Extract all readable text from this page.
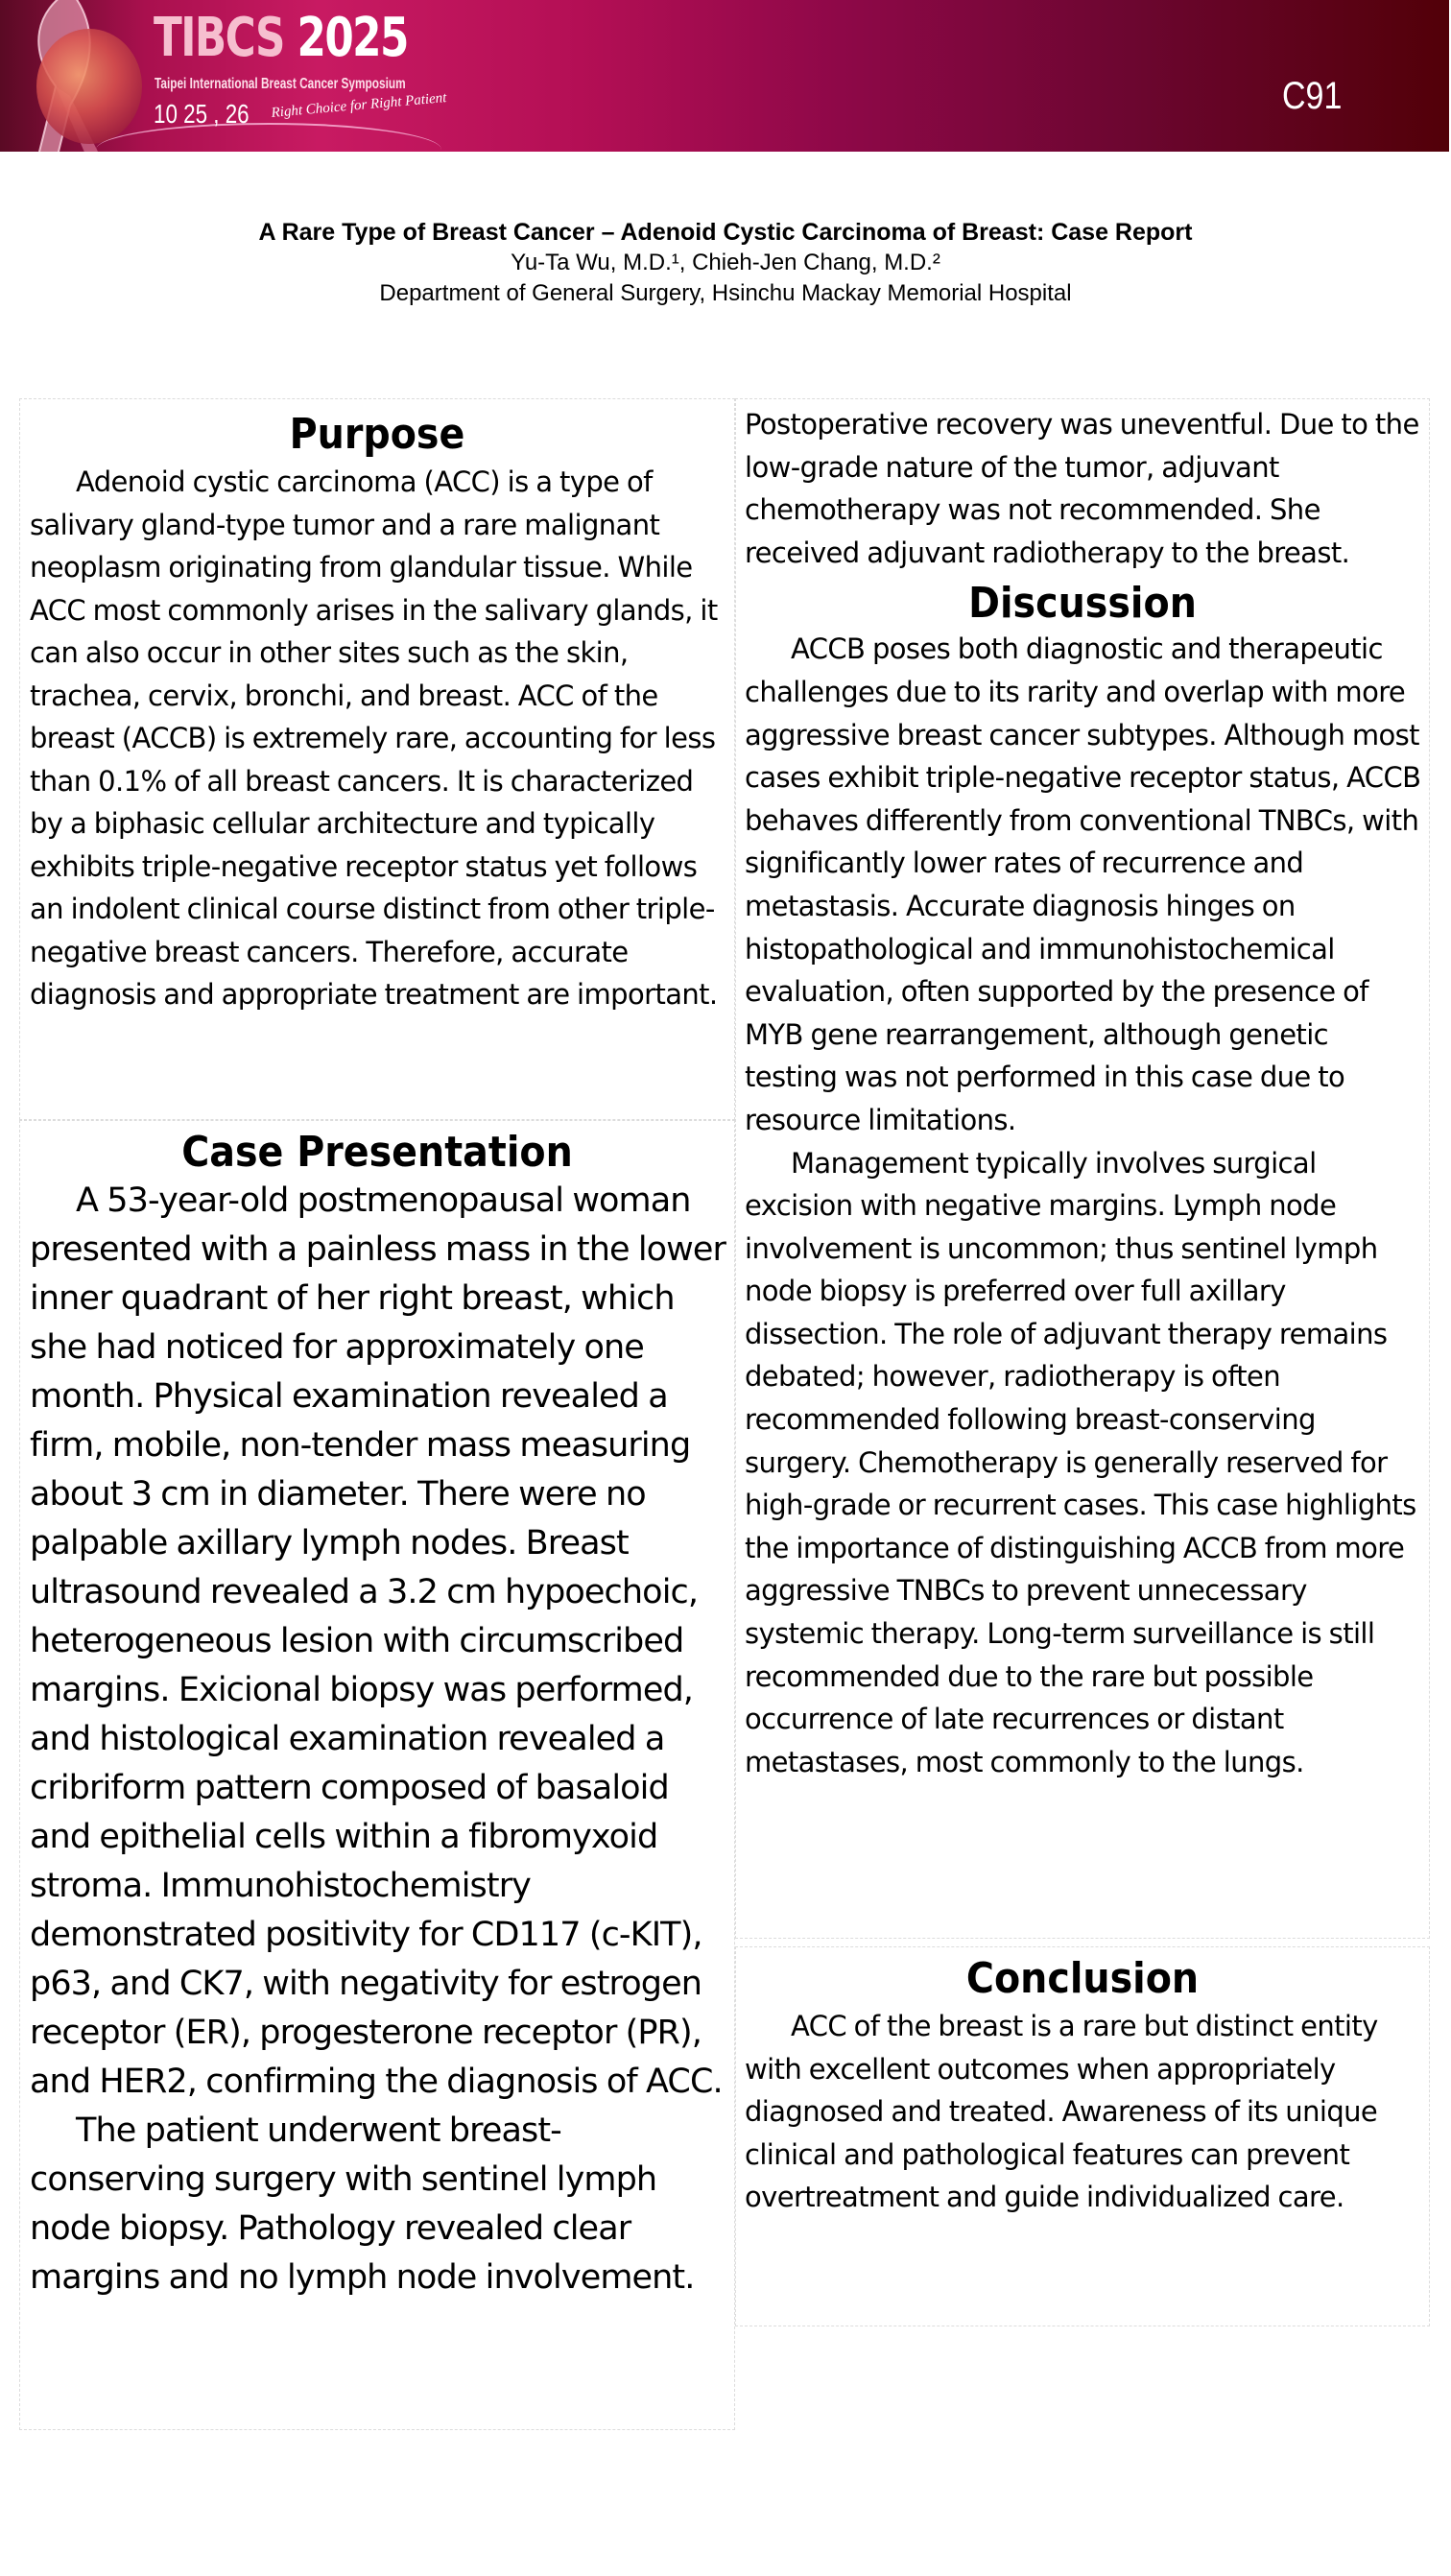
TIBCS 2025
Taipei International Breast Cancer Symposium
10 25 , 26 Right Choice for Right Patient	C91
A Rare Type of Breast Cancer – Adenoid Cystic Carcinoma of Breast: Case Report
Yu-Ta Wu, M.D.¹, Chieh-Jen Chang, M.D.²
Department of General Surgery, Hsinchu Mackay Memorial Hospital
Purpose

Adenoid cystic carcinoma (ACC) is a type of salivary gland-type tumor and a rare malignant neoplasm originating from glandular tissue. While ACC most commonly arises in the salivary glands, it can also occur in other sites such as the skin, trachea, cervix, bronchi, and breast. ACC of the breast (ACCB) is extremely rare, accounting for less than 0.1% of all breast cancers. It is characterized by a biphasic cellular architecture and typically exhibits triple-negative receptor status yet follows an indolent clinical course distinct from other triple-negative breast cancers. Therefore, accurate diagnosis and appropriate treatment are important.

Case Presentation

A 53-year-old postmenopausal woman presented with a painless mass in the lower inner quadrant of her right breast, which she had noticed for approximately one month. Physical examination revealed a firm, mobile, non-tender mass measuring about 3 cm in diameter. There were no palpable axillary lymph nodes. Breast ultrasound revealed a 3.2 cm hypoechoic, heterogeneous lesion with circumscribed margins. Exicional biopsy was performed, and histological examination revealed a cribriform pattern composed of basaloid and epithelial cells within a fibromyxoid stroma. Immunohistochemistry demonstrated positivity for CD117 (c-KIT), p63, and CK7, with negativity for estrogen receptor (ER), progesterone receptor (PR), and HER2, confirming the diagnosis of ACC.

The patient underwent breast-conserving surgery with sentinel lymph node biopsy. Pathology revealed clear margins and no lymph node involvement.

Postoperative recovery was uneventful. Due to the low-grade nature of the tumor, adjuvant chemotherapy was not recommended. She received adjuvant radiotherapy to the breast.

Discussion

ACCB poses both diagnostic and therapeutic challenges due to its rarity and overlap with more aggressive breast cancer subtypes. Although most cases exhibit triple-negative receptor status, ACCB behaves differently from conventional TNBCs, with significantly lower rates of recurrence and metastasis. Accurate diagnosis hinges on histopathological and immunohistochemical evaluation, often supported by the presence of MYB gene rearrangement, although genetic testing was not performed in this case due to resource limitations.

Management typically involves surgical excision with negative margins. Lymph node involvement is uncommon; thus sentinel lymph node biopsy is preferred over full axillary dissection. The role of adjuvant therapy remains debated; however, radiotherapy is often recommended following breast-conserving surgery. Chemotherapy is generally reserved for high-grade or recurrent cases. This case highlights the importance of distinguishing ACCB from more aggressive TNBCs to prevent unnecessary systemic therapy. Long-term surveillance is still recommended due to the rare but possible occurrence of late recurrences or distant metastases, most commonly to the lungs.

Conclusion

ACC of the breast is a rare but distinct entity with excellent outcomes when appropriately diagnosed and treated. Awareness of its unique clinical and pathological features can prevent overtreatment and guide individualized care.
